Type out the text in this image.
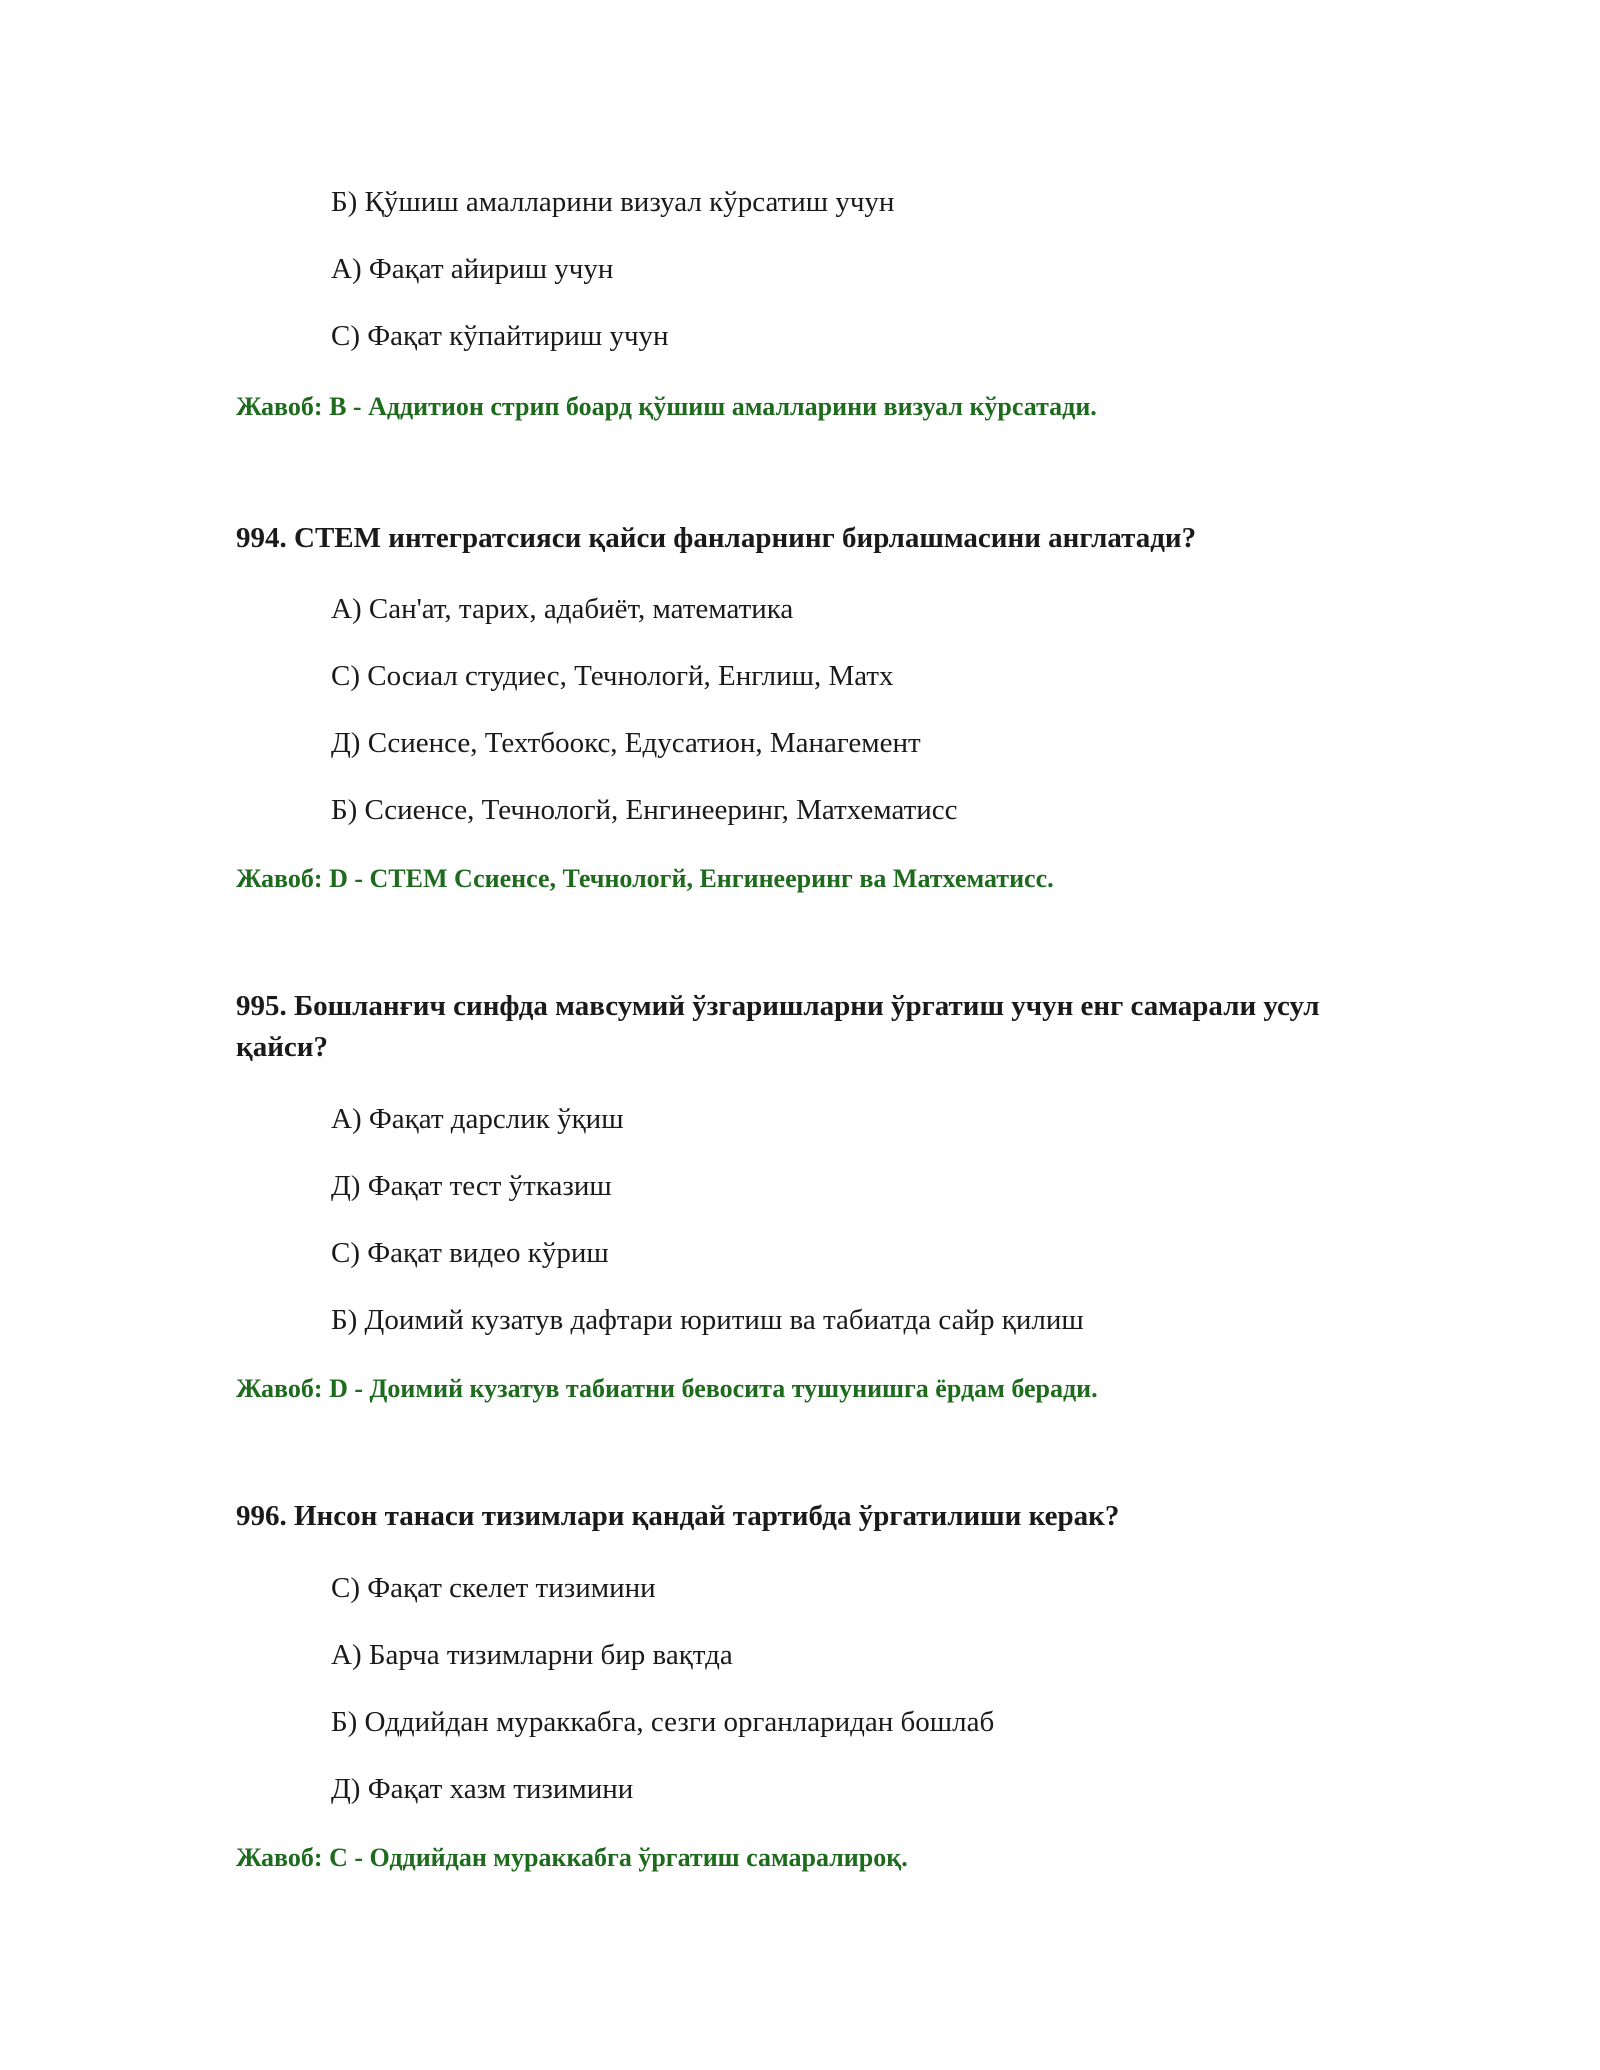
Б) Қўшиш амалларини визуал кўрсатиш учун
А) Фақат айириш учун
С) Фақат кўпайтириш учун
Жавоб: B - Аддитион стрип боард қўшиш амалларини визуал кўрсатади.
994. СТЕМ интегратсияси қайси фанларнинг бирлашмасини англатади?
А) Сан'ат, тарих, адабиёт, математика
С) Сосиал студиес, Течнологй, Енглиш, Матх
Д) Ссиенсе, Техтбоокс, Едусатион, Манагемент
Б) Ссиенсе, Течнологй, Енгинееринг, Матхематисс
Жавоб: D - СТЕМ Ссиенсе, Течнологй, Енгинееринг ва Матхематисс.
995. Бошланғич синфда мавсумий ўзгаришларни ўргатиш учун енг самарали усул қайси?
А) Фақат дарслик ўқиш
Д) Фақат тест ўтказиш
С) Фақат видео кўриш
Б) Доимий кузатув дафтари юритиш ва табиатда сайр қилиш
Жавоб: D - Доимий кузатув табиатни бевосита тушунишга ёрдам беради.
996. Инсон танаси тизимлари қандай тартибда ўргатилиши керак?
С) Фақат скелет тизимини
А) Барча тизимларни бир вақтда
Б) Оддийдан мураккабга, сезги органларидан бошлаб
Д) Фақат хазм тизимини
Жавоб: C - Оддийдан мураккабга ўргатиш самаралироқ.
